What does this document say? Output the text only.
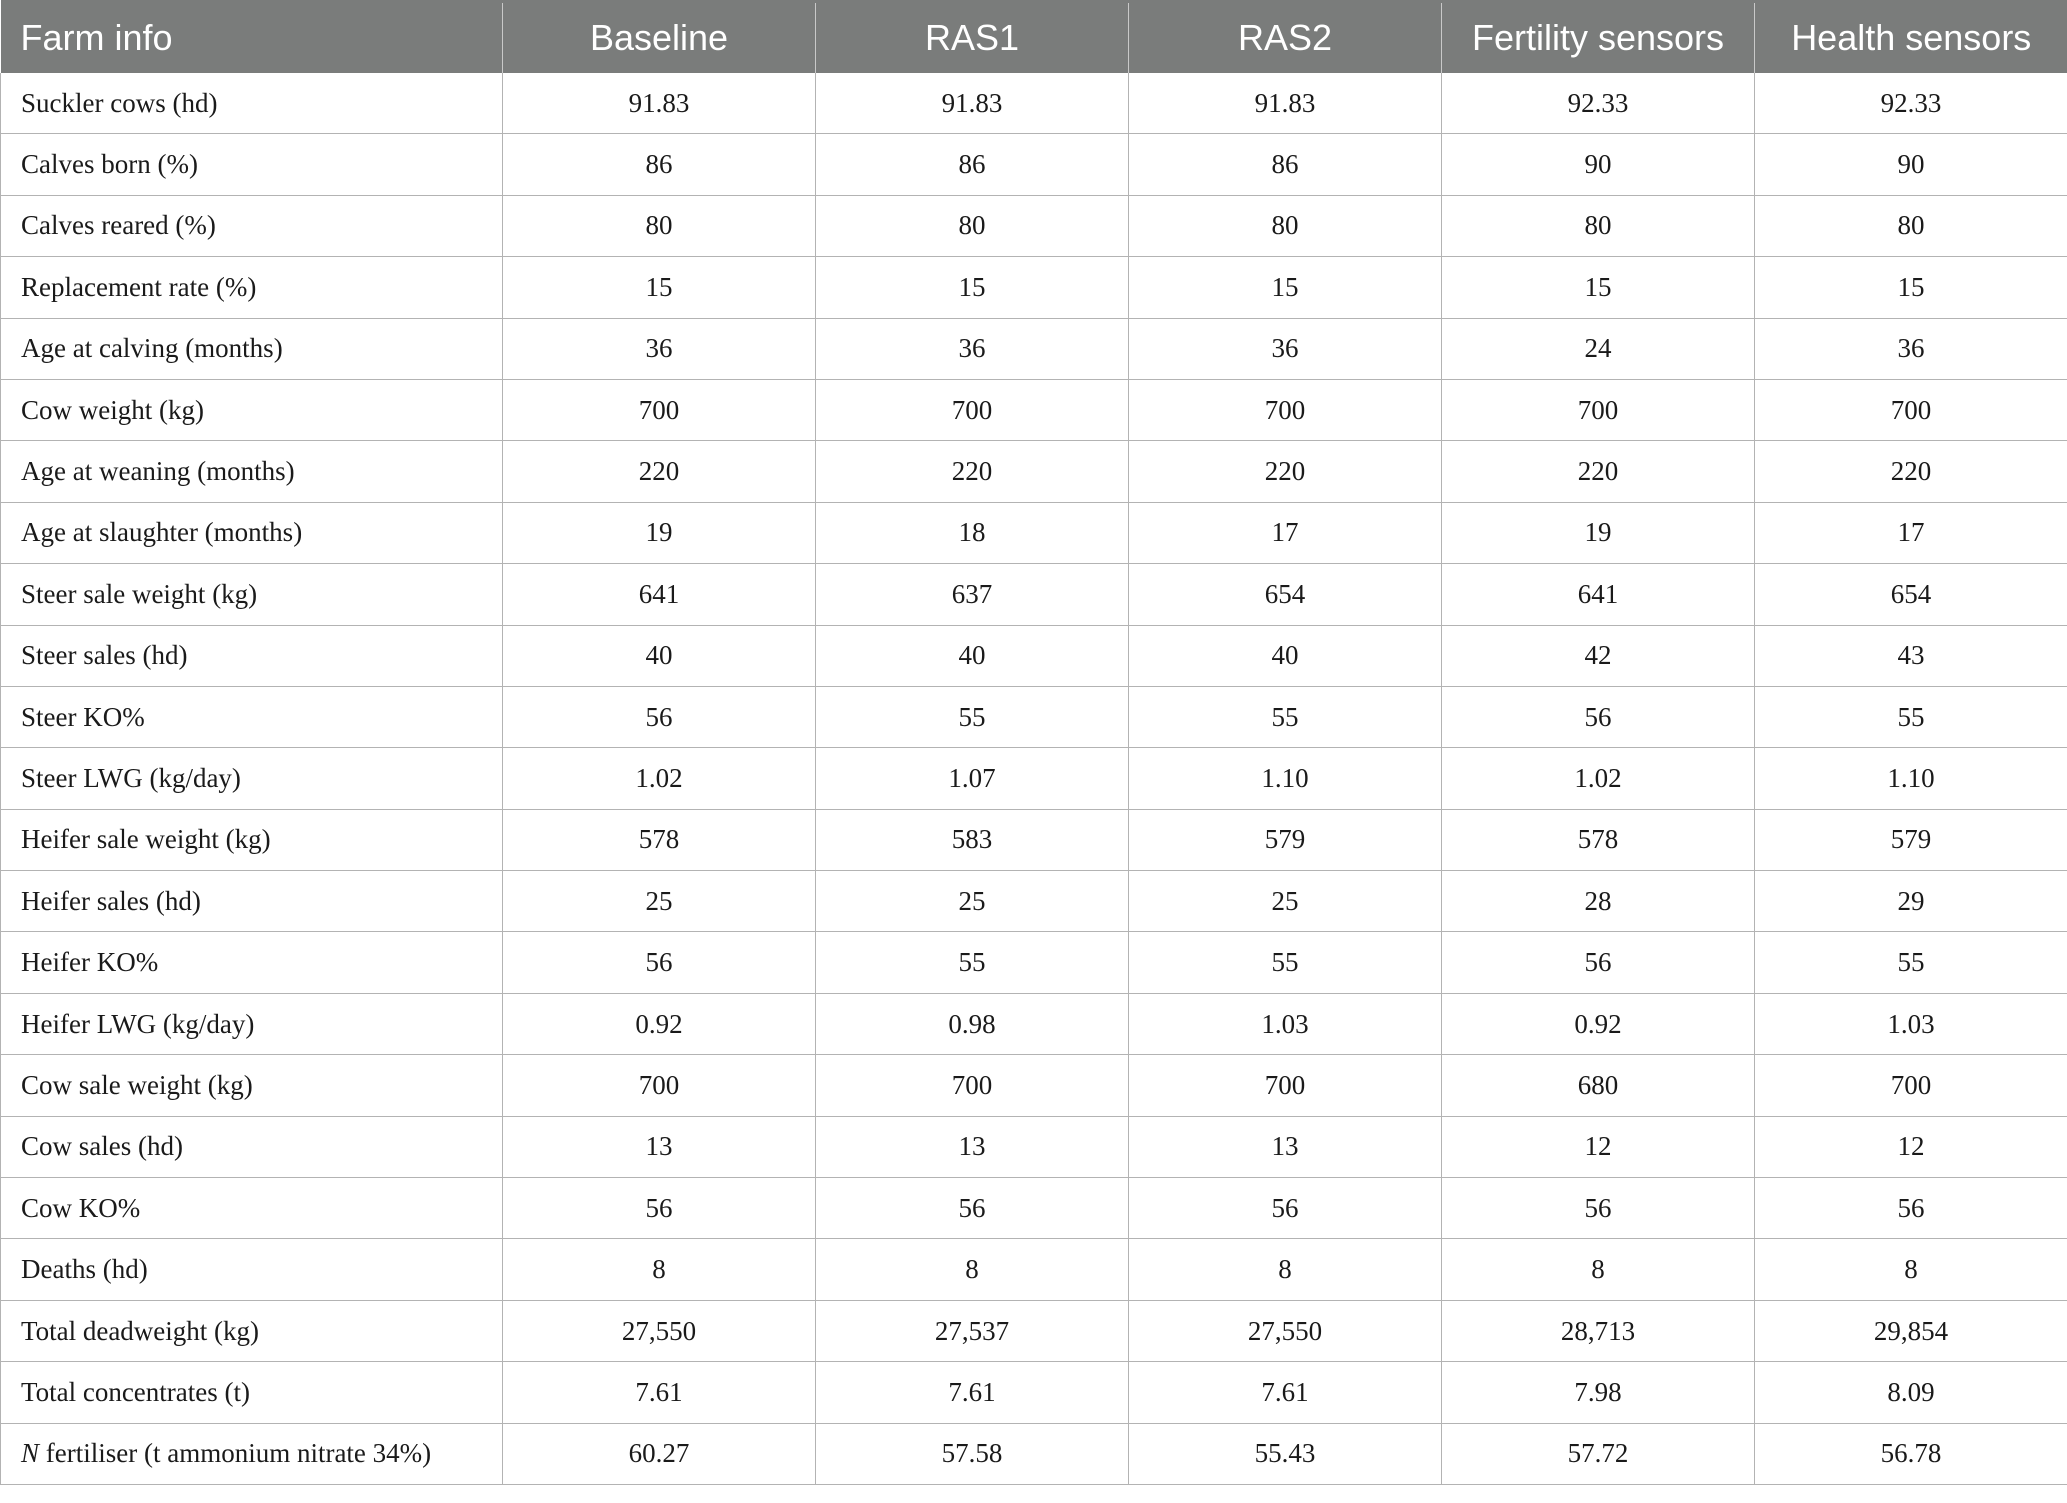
Farm info	Baseline	RAS1	RAS2	Fertility sensors	Health sensors
Suckler cows (hd)	91.83	91.83	91.83	92.33	92.33
Calves born (%)	86	86	86	90	90
Calves reared (%)	80	80	80	80	80
Replacement rate (%)	15	15	15	15	15
Age at calving (months)	36	36	36	24	36
Cow weight (kg)	700	700	700	700	700
Age at weaning (months)	220	220	220	220	220
Age at slaughter (months)	19	18	17	19	17
Steer sale weight (kg)	641	637	654	641	654
Steer sales (hd)	40	40	40	42	43
Steer KO%	56	55	55	56	55
Steer LWG (kg/day)	1.02	1.07	1.10	1.02	1.10
Heifer sale weight (kg)	578	583	579	578	579
Heifer sales (hd)	25	25	25	28	29
Heifer KO%	56	55	55	56	55
Heifer LWG (kg/day)	0.92	0.98	1.03	0.92	1.03
Cow sale weight (kg)	700	700	700	680	700
Cow sales (hd)	13	13	13	12	12
Cow KO%	56	56	56	56	56
Deaths (hd)	8	8	8	8	8
Total deadweight (kg)	27,550	27,537	27,550	28,713	29,854
Total concentrates (t)	7.61	7.61	7.61	7.98	8.09
N fertiliser (t ammonium nitrate 34%)	60.27	57.58	55.43	57.72	56.78
